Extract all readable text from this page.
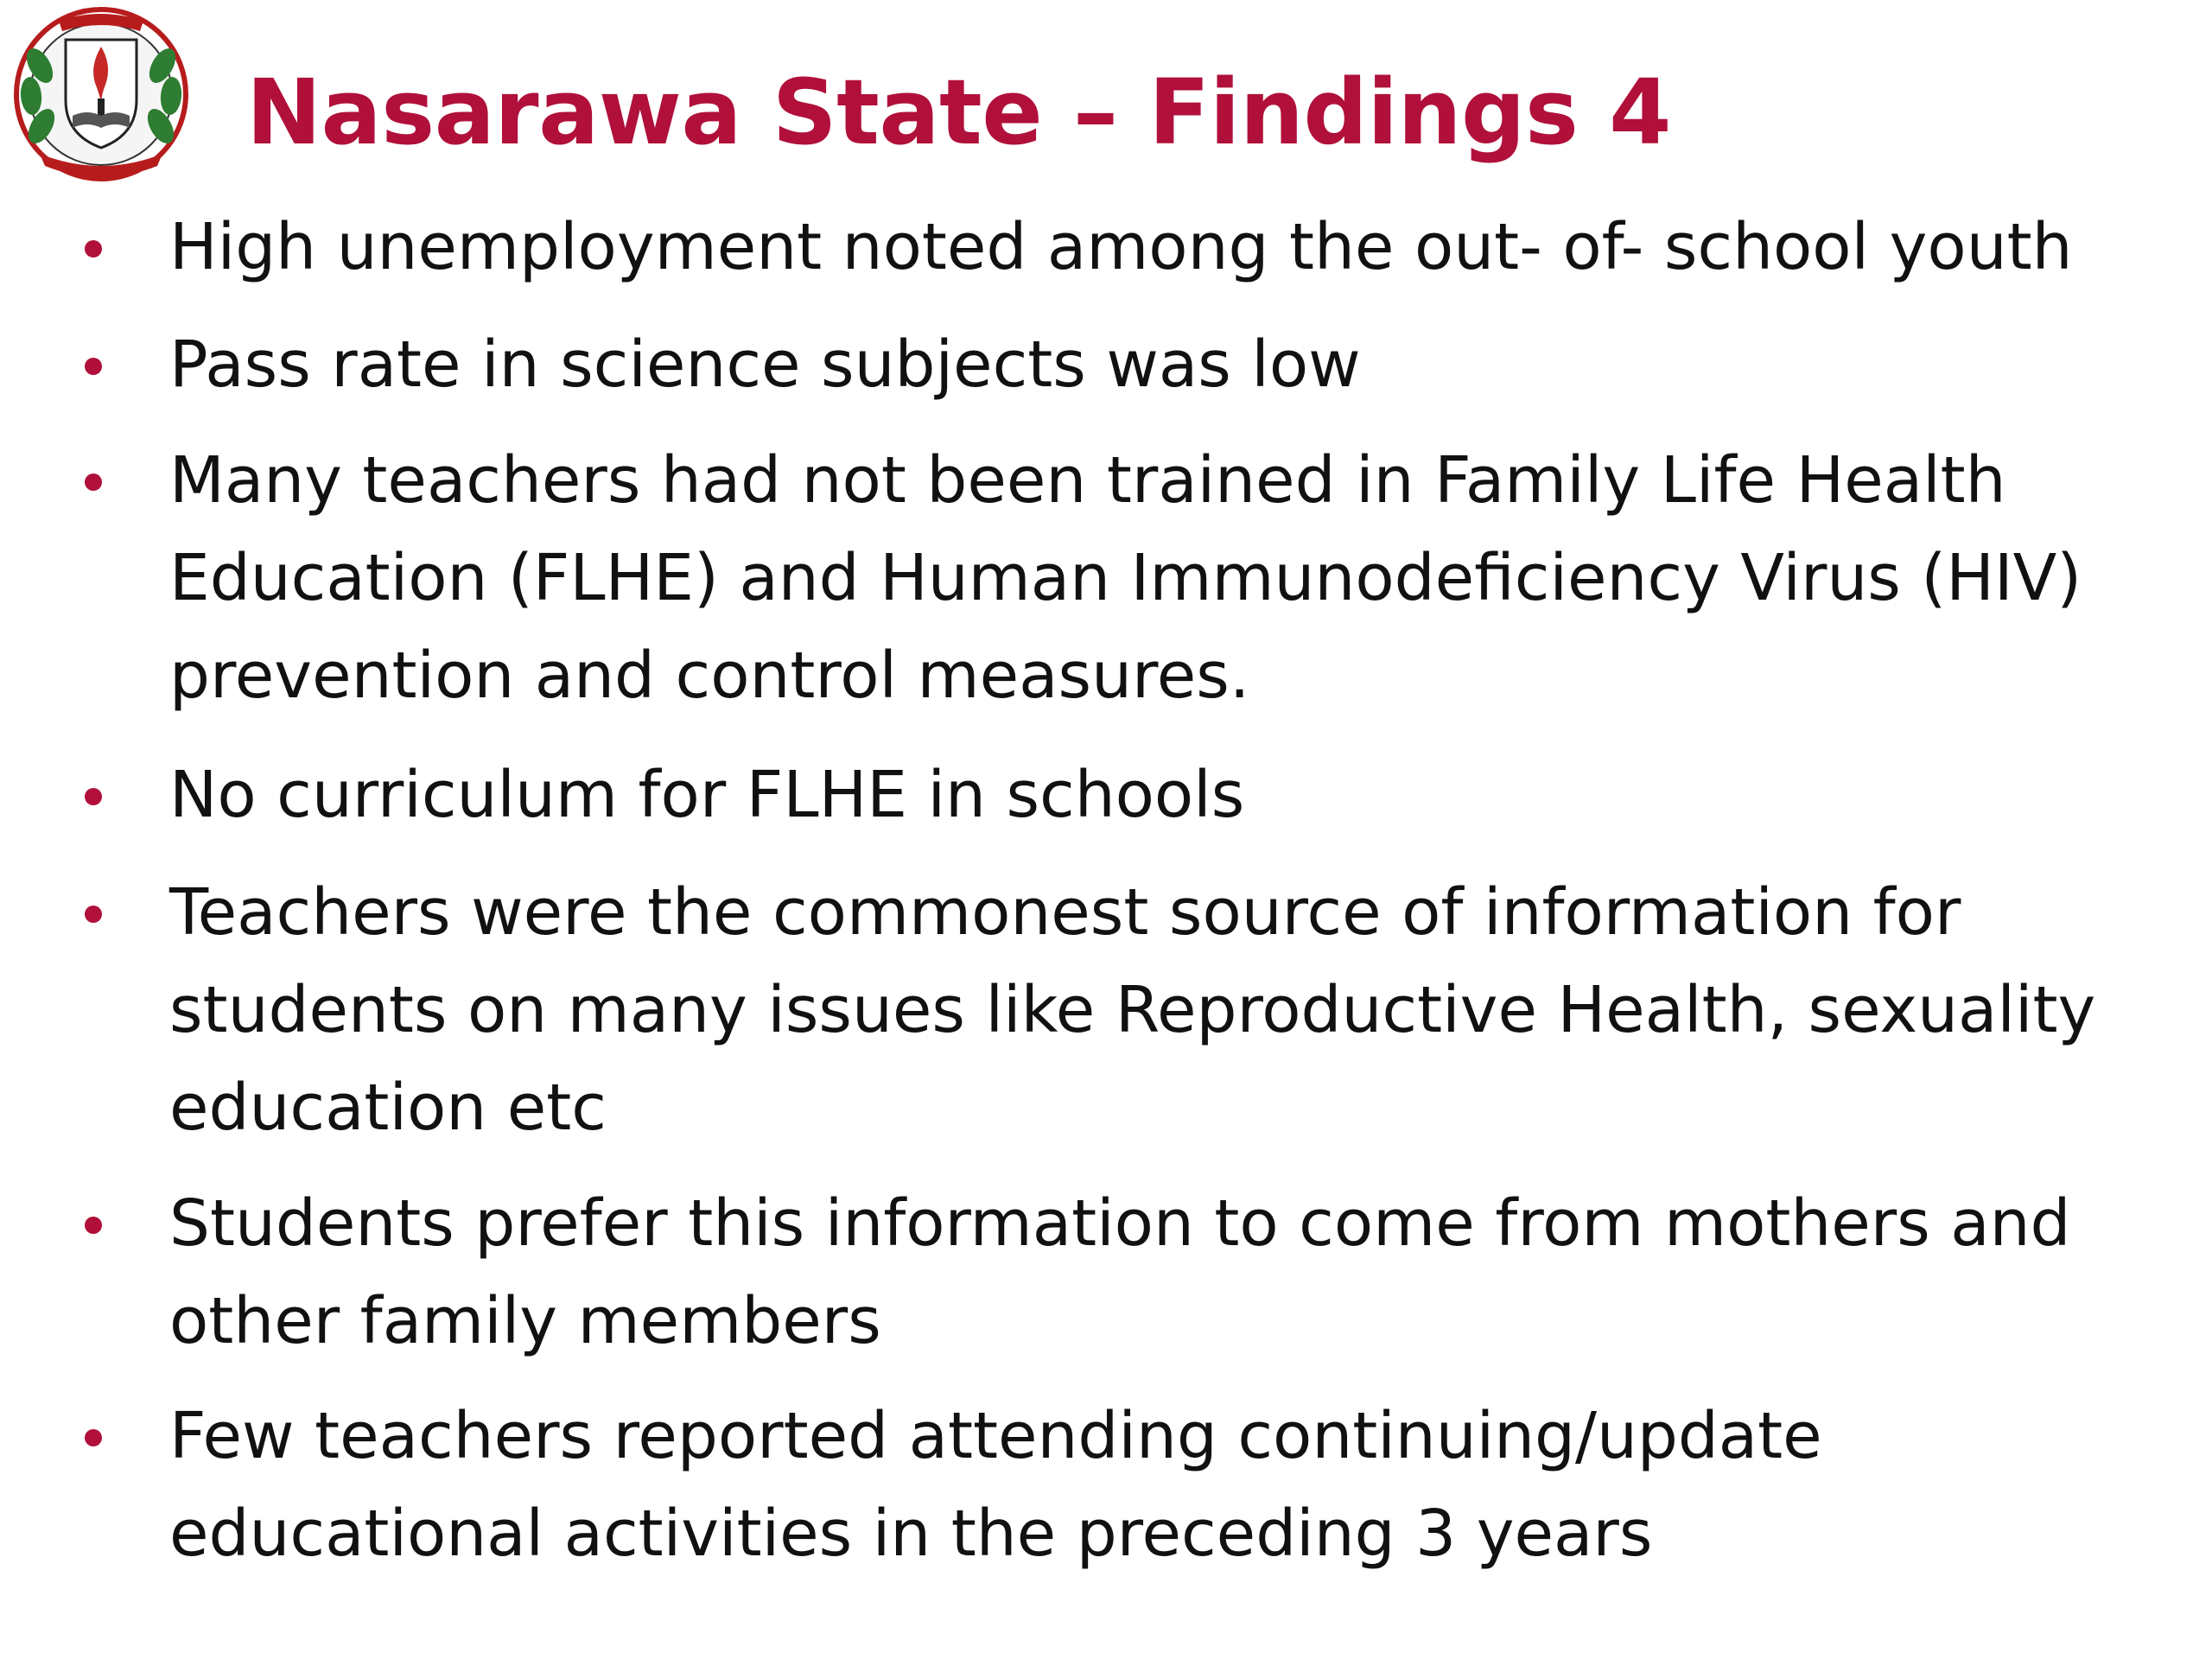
Nasarawa State – Findings 4

High unemployment noted among the out- of- school youth

Pass rate in science subjects was low

Many teachers had not been trained in Family Life Health
Education (FLHE) and Human Immunodeficiency Virus (HIV)
prevention and control measures.

No curriculum for FLHE in schools

Teachers were the commonest source of information for
students on many issues like Reproductive Health, sexuality
education etc

Students prefer this information to come from mothers and
other family members

Few teachers reported attending continuing/update
educational activities in the preceding 3 years
